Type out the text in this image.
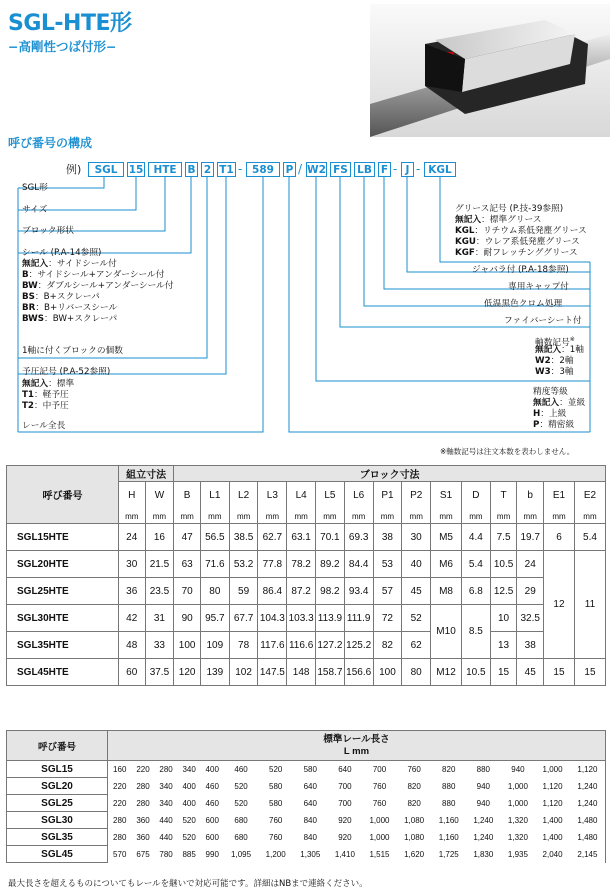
SGL-HTE形
−高剛性つば付形−
呼び番号の構成
例)	SGL	15 HTE	B 2 T1 - 589	P / W2 FS LB F - J - KGL
SGL形
サイズ
ブロック形状
シール (P.A-14参照)
無記入：サイドシール付
B：サイドシール+アンダーシール付
BW：ダブルシール+アンダーシール付
BS：B+スクレーパ
BR：B+リバースシール
BWS：BW+スクレーパ
1軸に付くブロックの個数
予圧記号 (P.A-52参照)
無記入：標準
T1：軽予圧
T2：中予圧
レール全長
グリース記号 (P.技-39参照)
無記入：標準グリース
KGL：リチウム系低発塵グリース
KGU：ウレア系低発塵グリース
KGF：耐フレッチンググリース
ジャバラ付 (P.A-18参照)
専用キャップ付
低温黒色クロム処理
ファイバーシート付
軸数記号※
無記入：1軸
W2：2軸
W3：3軸
精度等級
無記入：並級
H：上級
P：精密級
※軸数記号は注文本数を表わしません。
呼び番号	組立寸法		ブロック寸法														
	H	W	B	L1	L2	L3	L4	L5	L6	P1	P2	S1	D	T	b	E1	E2
	mm	mm	mm	mm	mm	mm	mm	mm	mm	mm	mm	mm	mm	mm	mm	mm	mm
SGL15HTE	24	16	47	56.5	38.5	62.7	63.1	70.1	69.3	38	30	M5	4.4	7.5	19.7	6	5.4
SGL20HTE	30	21.5	63	71.6	53.2	77.8	78.2	89.2	84.4	53	40	M6	5.4	10.5	24	12	11
SGL25HTE	36	23.5	70	80	59	86.4	87.2	98.2	93.4	57	45	M8	6.8	12.5	29		
SGL30HTE	42	31	90	95.7	67.7	104.3	103.3	113.9	111.9	72	52	M10	8.5	10	32.5		
SGL35HTE	48	33	100	109	78	117.6	116.6	127.2	125.2	82	62			13	38		
SGL45HTE	60	37.5	120	139	102	147.5	148	158.7	156.6	100	80	M12	10.5	15	45	15	15
呼び番号	標準レール長さ
L mm															
SGL15	160	220	280	340	400	460	520	580	640	700	760	820	880	940	1,000	1,120
SGL20	220	280	340	400	460	520	580	640	700	760	820	880	940	1,000	1,120	1,240
SGL25	220	280	340	400	460	520	580	640	700	760	820	880	940	1,000	1,120	1,240
SGL30	280	360	440	520	600	680	760	840	920	1,000	1,080	1,160	1,240	1,320	1,400	1,480
SGL35	280	360	440	520	600	680	760	840	920	1,000	1,080	1,160	1,240	1,320	1,400	1,480
SGL45	570	675	780	885	990	1,095	1,200	1,305	1,410	1,515	1,620	1,725	1,830	1,935	2,040	2,145
最大長さを超えるものについてもレールを継いで対応可能です。詳細はNBまで連絡ください。
